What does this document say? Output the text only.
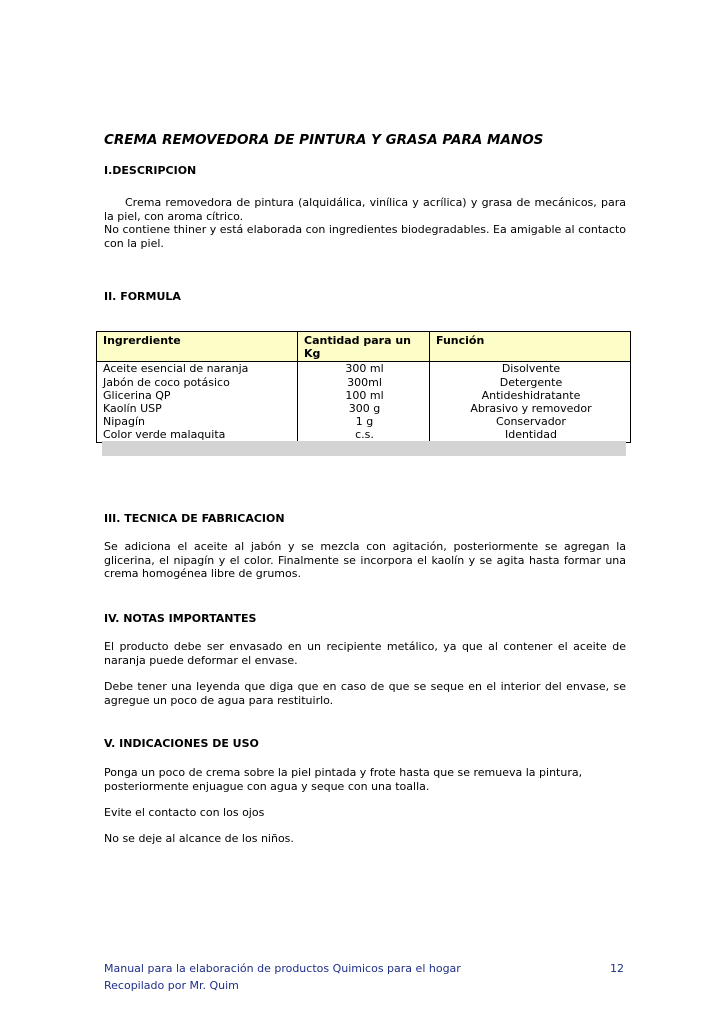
CREMA REMOVEDORA DE PINTURA Y GRASA PARA MANOS
I.DESCRIPCION
Crema removedora de pintura (alquidálica, vinílica y acrílica) y grasa de mecánicos, para la piel, con aroma cítrico.
No contiene thiner y está elaborada con ingredientes biodegradables. Ea amigable al contacto con la piel.
II. FORMULA
Ingrerdiente	Cantidad para un Kg	Función
Aceite esencial de naranja	300 ml	Disolvente
Jabón de coco potásico	300ml	Detergente
Glicerina QP	100 ml	Antideshidratante
Kaolín USP	300 g	Abrasivo y removedor
Nipagín	1 g	Conservador
Color verde malaquita	c.s.	Identidad
III. TECNICA DE FABRICACION
Se adiciona el aceite al jabón y se mezcla con agitación, posteriormente se agregan la glicerina, el nipagín y el color. Finalmente se incorpora el kaolín y se agita hasta formar una crema homogénea libre de grumos.
IV. NOTAS IMPORTANTES
El producto debe ser envasado en un recipiente metálico, ya que al contener el aceite de naranja puede deformar el envase.
Debe tener una leyenda que diga que en caso de que se seque en el interior del envase, se agregue un poco de agua para restituirlo.
V. INDICACIONES DE USO
Ponga un poco de crema sobre la piel pintada y frote hasta que se remueva la pintura,
posteriormente enjuague con agua y seque con una toalla.
Evite el contacto con los ojos
No se deje al alcance de los niños.
Manual para la elaboración de productos Quimicos para el hogar
Recopilado por Mr. Quim
12
